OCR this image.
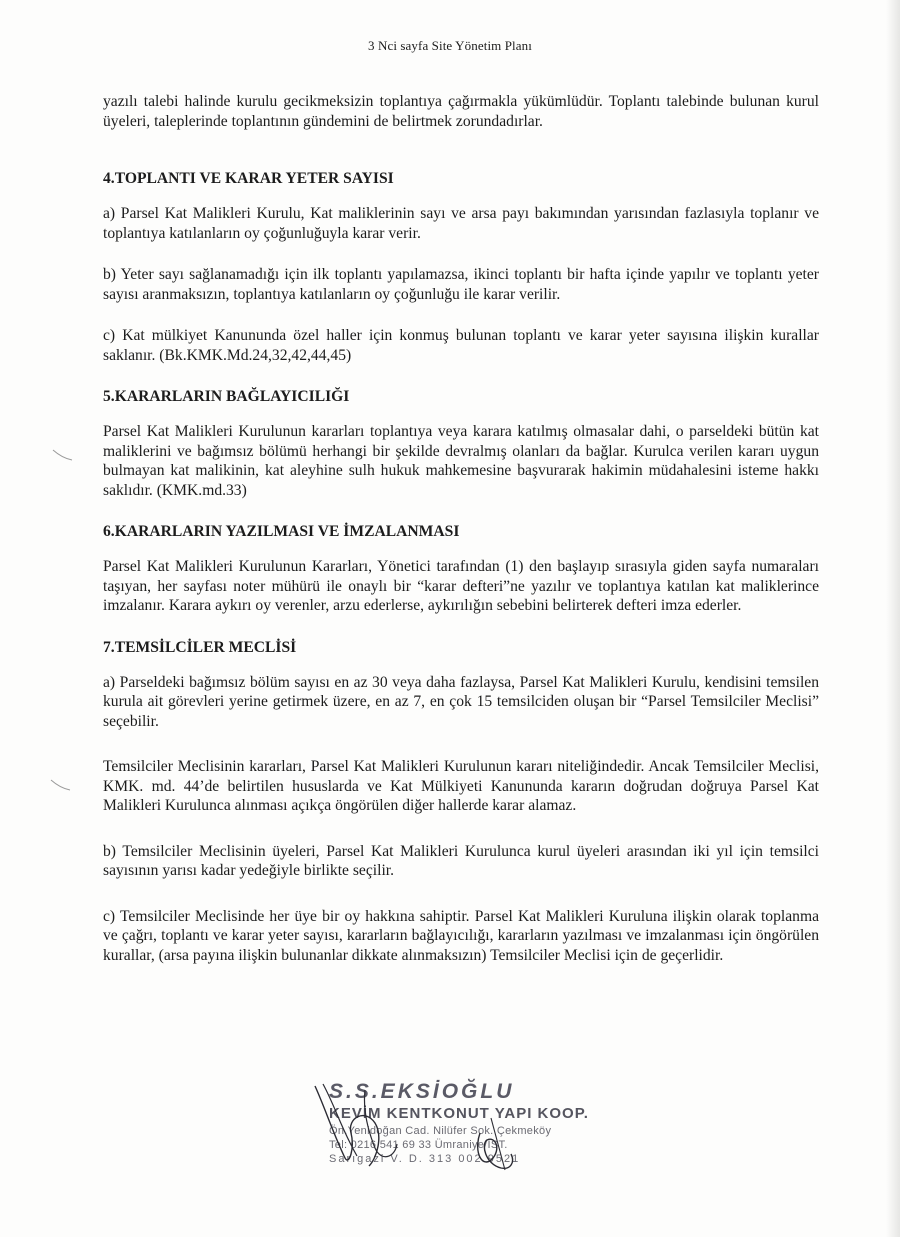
3 Nci sayfa Site Yönetim Planı

yazılı talebi halinde kurulu gecikmeksizin toplantıya çağırmakla yükümlüdür. Toplantı talebinde bulunan kurul üyeleri, taleplerinde toplantının gündemini de belirtmek zorundadırlar.

4.TOPLANTI VE KARAR YETER SAYISI

a) Parsel Kat Malikleri Kurulu, Kat maliklerinin sayı ve arsa payı bakımından yarısından fazlasıyla toplanır ve toplantıya katılanların oy çoğunluğuyla karar verir.

b) Yeter sayı sağlanamadığı için ilk toplantı yapılamazsa, ikinci toplantı bir hafta içinde yapılır ve toplantı yeter sayısı aranmaksızın, toplantıya katılanların oy çoğunluğu ile karar verilir.

c) Kat mülkiyet Kanununda özel haller için konmuş bulunan toplantı ve karar yeter sayısına ilişkin kurallar saklanır. (Bk.KMK.Md.24,32,42,44,45)

5.KARARLARIN BAĞLAYICILIĞI

Parsel Kat Malikleri Kurulunun kararları toplantıya veya karara katılmış olmasalar dahi, o parseldeki bütün kat maliklerini ve bağımsız bölümü herhangi bir şekilde devralmış olanları da bağlar. Kurulca verilen kararı uygun bulmayan kat malikinin, kat aleyhine sulh hukuk mahkemesine başvurarak hakimin müdahalesini isteme hakkı saklıdır. (KMK.md.33)

6.KARARLARIN YAZILMASI VE İMZALANMASI

Parsel Kat Malikleri Kurulunun Kararları, Yönetici tarafından (1) den başlayıp sırasıyla giden sayfa numaraları taşıyan, her sayfası noter mühürü ile onaylı bir “karar defteri”ne yazılır ve toplantıya katılan kat maliklerince imzalanır. Karara aykırı oy verenler, arzu ederlerse, aykırılığın sebebini belirterek defteri imza ederler.

7.TEMSİLCİLER MECLİSİ

a) Parseldeki bağımsız bölüm sayısı en az 30 veya daha fazlaysa, Parsel Kat Malikleri Kurulu, kendisini temsilen kurula ait görevleri yerine getirmek üzere, en az 7, en çok 15 temsilciden oluşan bir “Parsel Temsilciler Meclisi” seçebilir.

Temsilciler Meclisinin kararları, Parsel Kat Malikleri Kurulunun kararı niteliğindedir. Ancak Temsilciler Meclisi, KMK. md. 44’de belirtilen hususlarda ve Kat Mülkiyeti Kanununda kararın doğrudan doğruya Parsel Kat Malikleri Kurulunca alınması açıkça öngörülen diğer hallerde karar alamaz.

b) Temsilciler Meclisinin üyeleri, Parsel Kat Malikleri Kurulunca kurul üyeleri arasından iki yıl için temsilci sayısının yarısı kadar yedeğiyle birlikte seçilir.

c) Temsilciler Meclisinde her üye bir oy hakkına sahiptir. Parsel Kat Malikleri Kuruluna ilişkin olarak toplanma ve çağrı, toplantı ve karar yeter sayısı, kararların bağlayıcılığı, kararların yazılması ve imzalanması için öngörülen kurallar, (arsa payına ilişkin bulunanlar dikkate alınmaksızın) Temsilciler Meclisi için de geçerlidir.

S.S.EKSİOĞLU
KEVİM KENTKONUT YAPI KOOP.
Ön.Yenidoğan Cad. Nilüfer Sok. Çekmeköy
Tel: 0216 541 69 33 Ümraniye/İST.
Sarıgazi V. D. 313 002 9521
